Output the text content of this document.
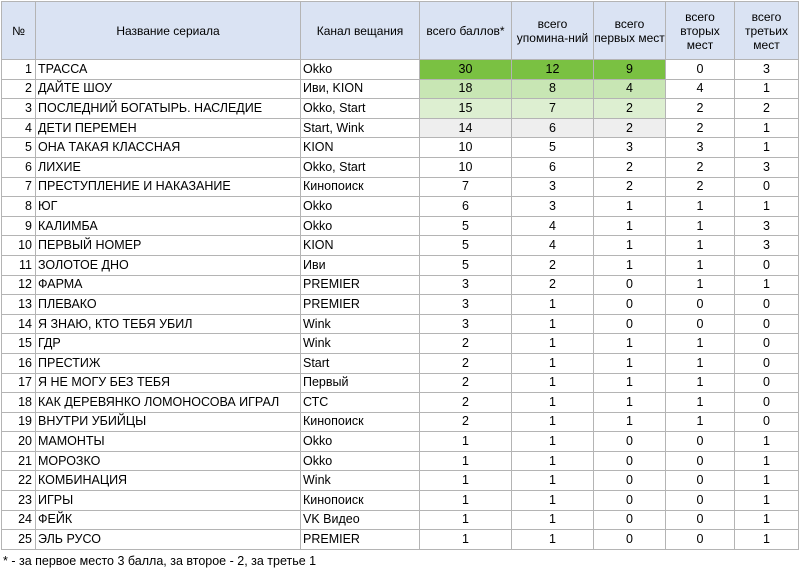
№	Название сериала	Канал вещания	всего баллов*	всего упомина-ний	всего первых мест	всего вторых мест	всего третьих мест
1	ТРАССА	Okko	30	12	9	0	3
2	ДАЙТЕ ШОУ	Иви, KION	18	8	4	4	1
3	ПОСЛЕДНИЙ БОГАТЫРЬ. НАСЛЕДИЕ	Okko, Start	15	7	2	2	2
4	ДЕТИ ПЕРЕМЕН	Start, Wink	14	6	2	2	1
5	ОНА ТАКАЯ КЛАССНАЯ	KION	10	5	3	3	1
6	ЛИХИЕ	Okko, Start	10	6	2	2	3
7	ПРЕСТУПЛЕНИЕ И НАКАЗАНИЕ	Кинопоиск	7	3	2	2	0
8	ЮГ	Okko	6	3	1	1	1
9	КАЛИМБА	Okko	5	4	1	1	3
10	ПЕРВЫЙ НОМЕР	KION	5	4	1	1	3
11	ЗОЛОТОЕ ДНО	Иви	5	2	1	1	0
12	ФАРМА	PREMIER	3	2	0	1	1
13	ПЛЕВАКО	PREMIER	3	1	0	0	0
14	Я ЗНАЮ, КТО ТЕБЯ УБИЛ	Wink	3	1	0	0	0
15	ГДР	Wink	2	1	1	1	0
16	ПРЕСТИЖ	Start	2	1	1	1	0
17	Я НЕ МОГУ БЕЗ ТЕБЯ	Первый	2	1	1	1	0
18	КАК ДЕРЕВЯНКО ЛОМОНОСОВА ИГРАЛ	СТС	2	1	1	1	0
19	ВНУТРИ УБИЙЦЫ	Кинопоиск	2	1	1	1	0
20	МАМОНТЫ	Okko	1	1	0	0	1
21	МОРОЗКО	Okko	1	1	0	0	1
22	КОМБИНАЦИЯ	Wink	1	1	0	0	1
23	ИГРЫ	Кинопоиск	1	1	0	0	1
24	ФЕЙК	VK Видео	1	1	0	0	1
25	ЭЛЬ РУСО	PREMIER	1	1	0	0	1
* - за первое место 3 балла, за второе - 2, за третье 1
